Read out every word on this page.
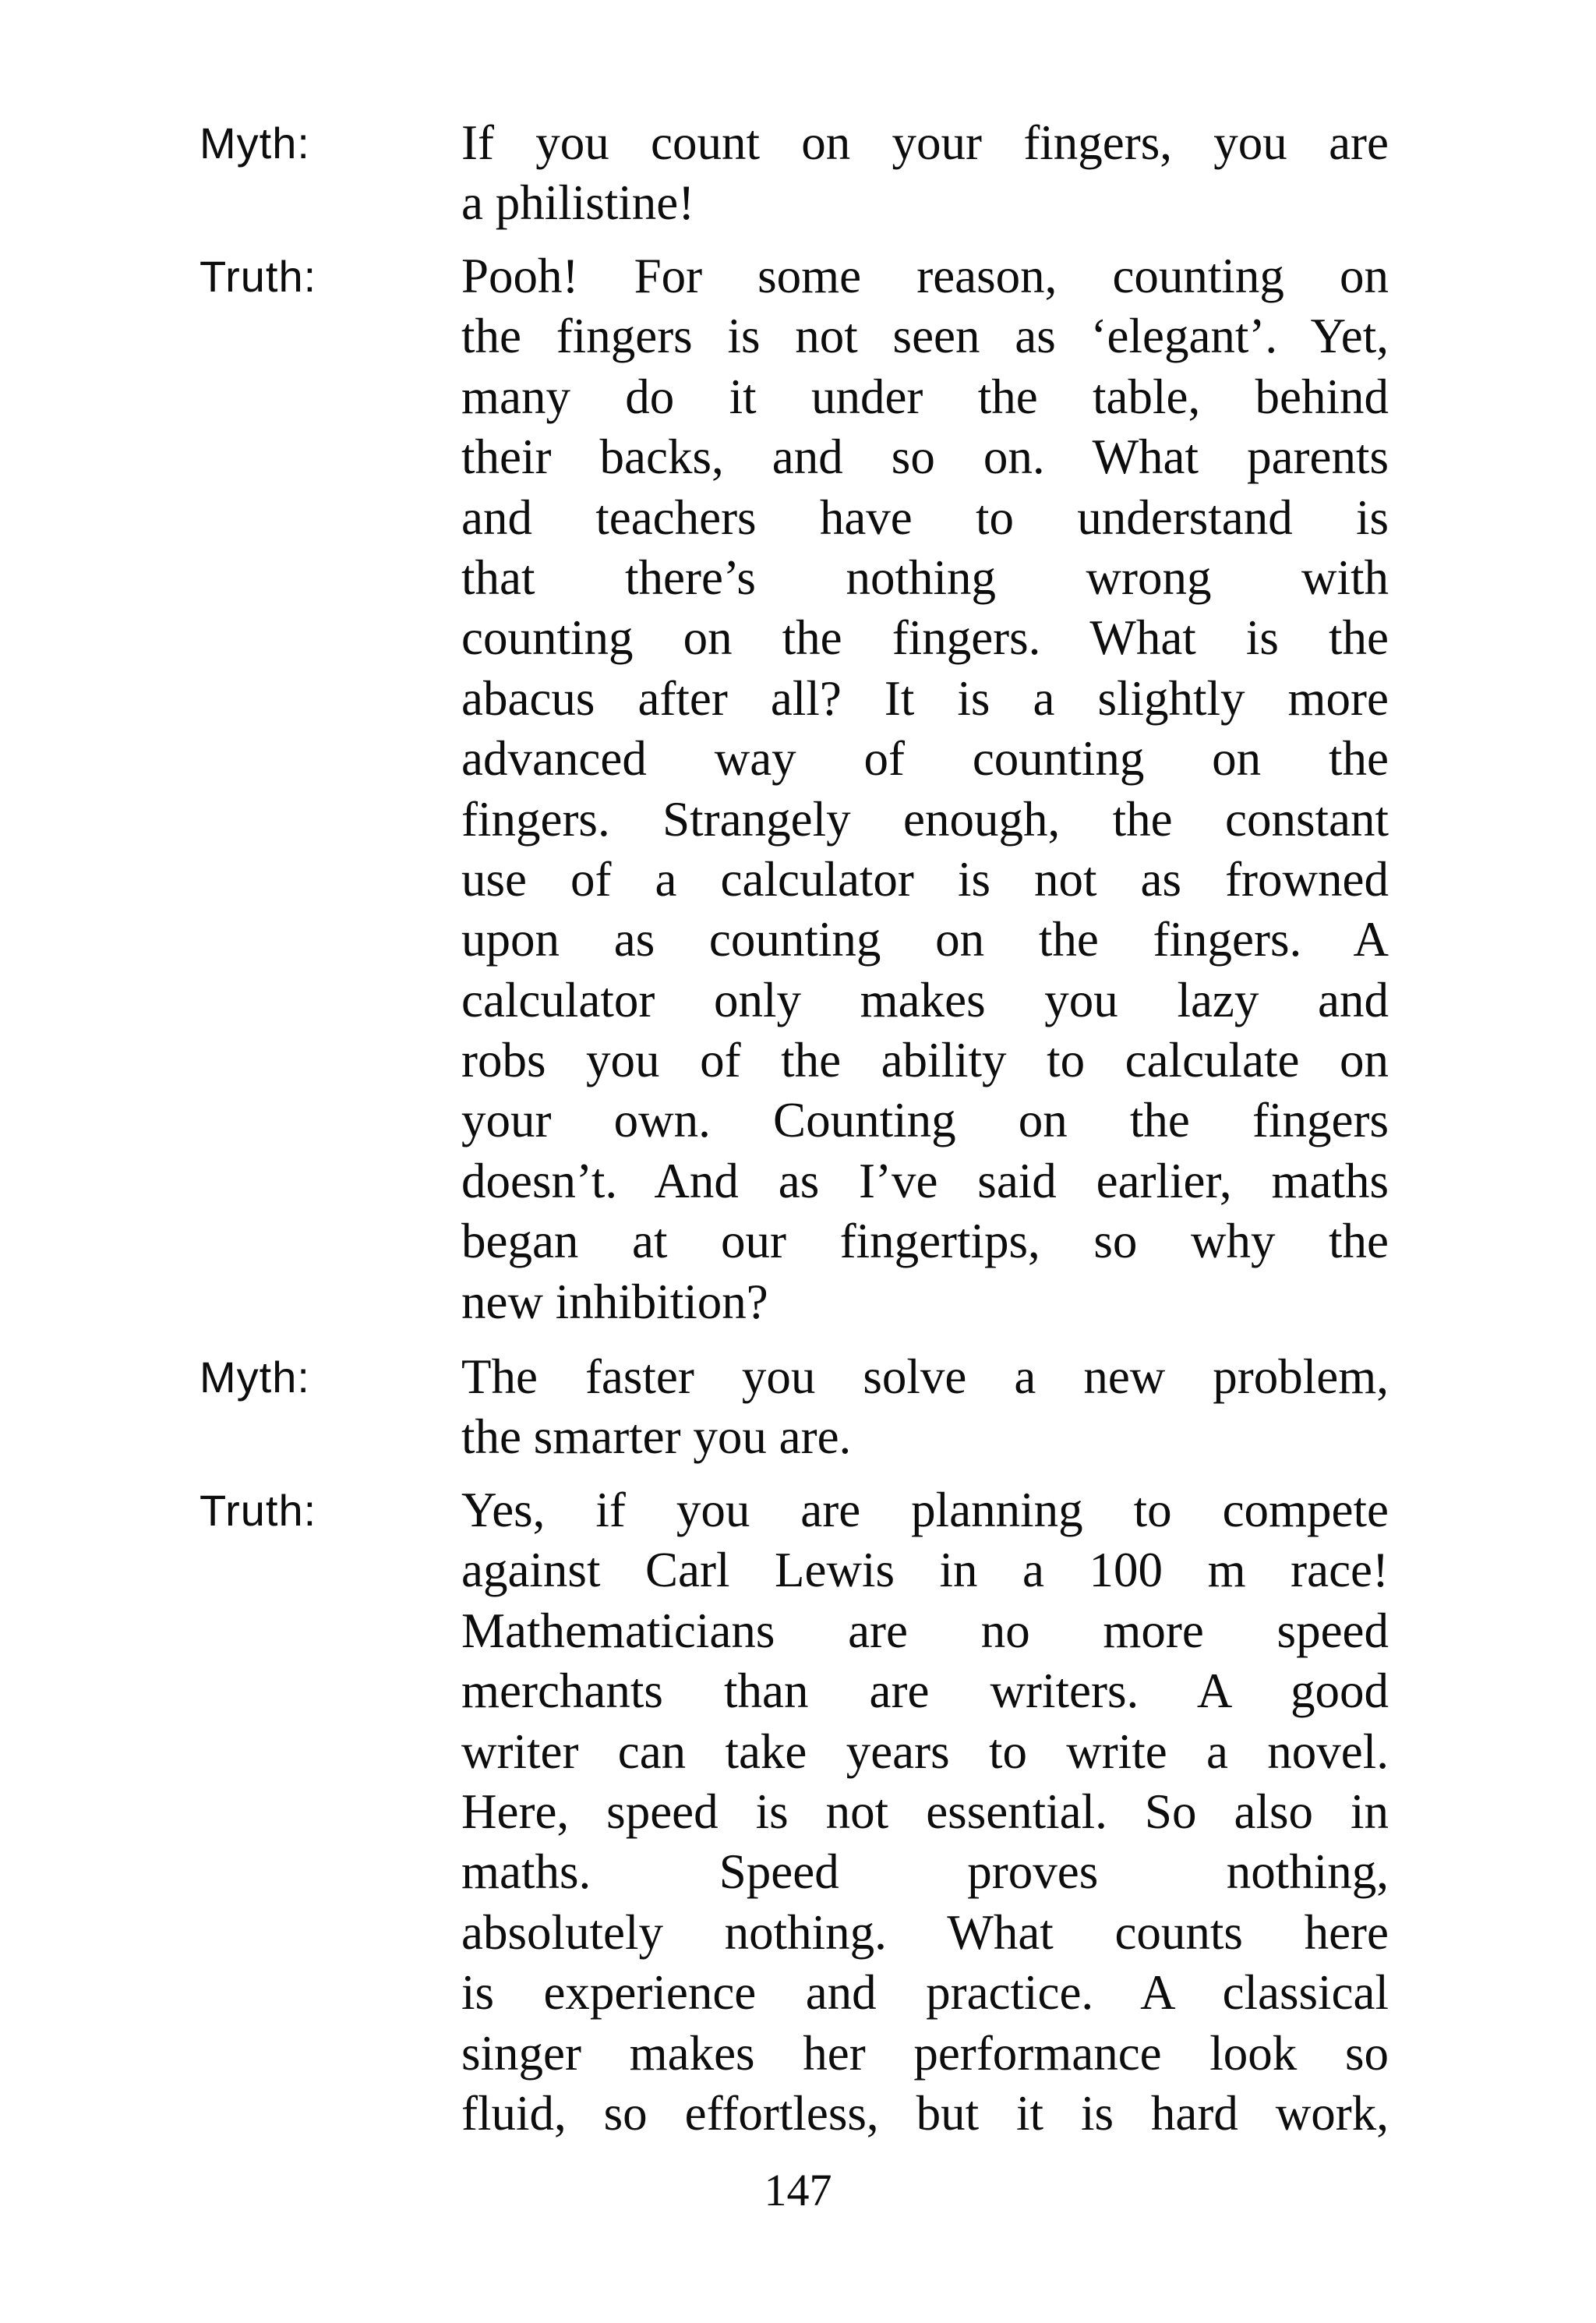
Myth:	If you count on your fingers, you are
a philistine!
Truth:	Pooh! For some reason, counting on
the fingers is not seen as ‘elegant’. Yet,
many do it under the table, behind
their backs, and so on. What parents
and teachers have to understand is
that there’s nothing wrong with
counting on the fingers. What is the
abacus after all? It is a slightly more
advanced way of counting on the
fingers. Strangely enough, the constant
use of a calculator is not as frowned
upon as counting on the fingers. A
calculator only makes you lazy and
robs you of the ability to calculate on
your own. Counting on the fingers
doesn’t. And as I’ve said earlier, maths
began at our fingertips, so why the
new inhibition?
Myth:	The faster you solve a new problem,
the smarter you are.
Truth:	Yes, if you are planning to compete
against Carl Lewis in a 100 m race!
Mathematicians are no more speed
merchants than are writers. A good
writer can take years to write a novel.
Here, speed is not essential. So also in
maths. Speed proves nothing,
absolutely nothing. What counts here
is experience and practice. A classical
singer makes her performance look so
fluid, so effortless, but it is hard work,
147
